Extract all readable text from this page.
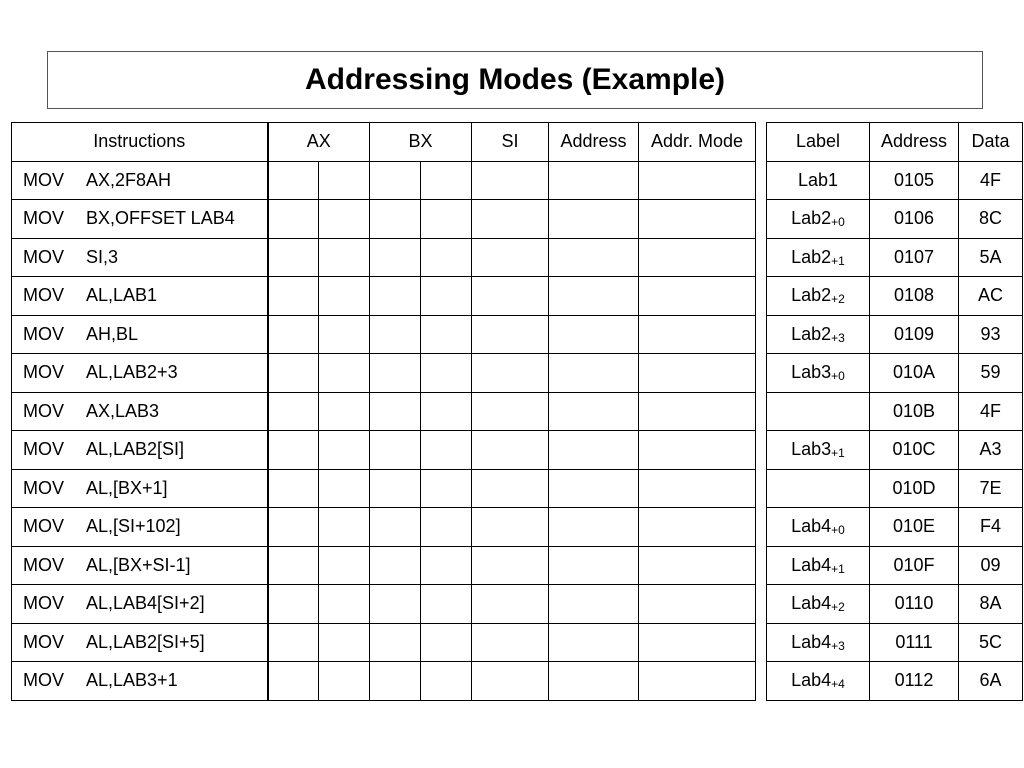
Addressing Modes (Example)
Instructions	AX		BX		SI	Address	Addr. Mode
MOV AX,2F8AH							
MOV BX,OFFSET LAB4							
MOV SI,3							
MOV AL,LAB1							
MOV AH,BL							
MOV AL,LAB2+3							
MOV AX,LAB3							
MOV AL,LAB2[SI]							
MOV AL,[BX+1]							
MOV AL,[SI+102]							
MOV AL,[BX+SI-1]							
MOV AL,LAB4[SI+2]							
MOV AL,LAB2[SI+5]							
MOV AL,LAB3+1							
Label	Address	Data
Lab1	0105	4F
$Lab2_{+0}$	0106	8C
$Lab2_{+1}$	0107	5A
$Lab2_{+2}$	0108	AC
$Lab2_{+3}$	0109	93
$Lab3_{+0}$	010A	59
	010B	4F
$Lab3_{+1}$	010C	A3
	010D	7E
$Lab4_{+0}$	010E	F4
$Lab4_{+1}$	010F	09
$Lab4_{+2}$	0110	8A
$Lab4_{+3}$	0111	5C
$Lab4_{+4}$	0112	6A
